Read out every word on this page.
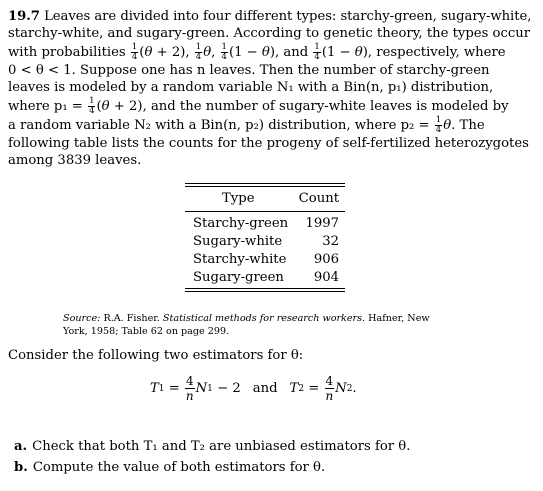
19.7 Leaves are divided into four different types: starchy-green, sugary-white,
starchy-white, and sugary-green. According to genetic theory, the types occur
with probabilities $\frac{1}{4} (\theta + 2)$, $\frac{1}{4} \theta$, $\frac{1}{4} (1 - \theta)$, and $\frac{1}{4} (1 - \theta)$, respectively, where
0 < θ < 1. Suppose one has n leaves. Then the number of starchy-green
leaves is modeled by a random variable N₁ with a Bin(n, p₁) distribution,
where $p_1 = \frac{1}{4} (\theta + 2)$, and the number of sugary-white leaves is modeled by
a random variable N₂ with a Bin(n, p₂) distribution, where $p_2 = \frac{1}{4} \theta$. The
following table lists the counts for the progeny of self-fertilized heterozygotes
among 3839 leaves.
Type	Count
Starchy-green 1997
Sugary-white	32
Starchy-white 906
Sugary-green 904
Source: R.A. Fisher. Statistical methods for research workers. Hafner, New
York, 1958; Table 62 on page 299.
Consider the following two estimators for θ:
T 1 = 4
n
N 1 − 2 and T 2 = 4
n
N 2 .
a. Check that both T₁ and T₂ are unbiased estimators for θ.
b. Compute the value of both estimators for θ.
